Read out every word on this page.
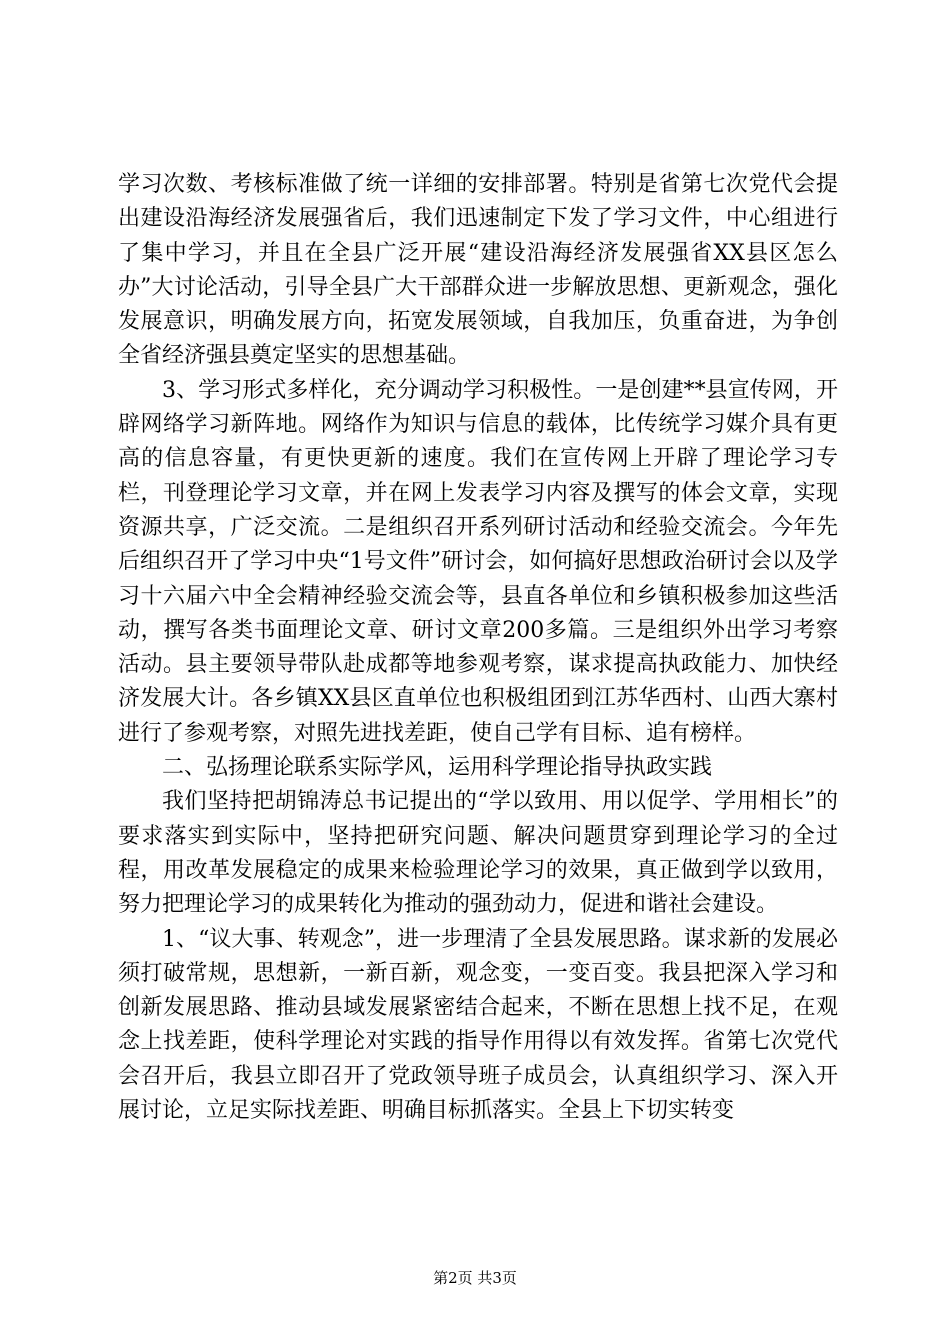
学习次数、考核标准做了统一详细的安排部署。特别是省第七次党代会提出建设沿海经济发展强省后，我们迅速制定下发了学习文件，中心组进行了集中学习，并且在全县广泛开展“建设沿海经济发展强省XX县区怎么办”大讨论活动，引导全县广大干部群众进一步解放思想、更新观念，强化发展意识，明确发展方向，拓宽发展领域，自我加压，负重奋进，为争创全省经济强县奠定坚实的思想基础。

3、学习形式多样化，充分调动学习积极性。一是创建**县宣传网，开辟网络学习新阵地。网络作为知识与信息的载体，比传统学习媒介具有更高的信息容量，有更快更新的速度。我们在宣传网上开辟了理论学习专栏，刊登理论学习文章，并在网上发表学习内容及撰写的体会文章，实现资源共享，广泛交流。二是组织召开系列研讨活动和经验交流会。今年先后组织召开了学习中央“1号文件”研讨会，如何搞好思想政治研讨会以及学习十六届六中全会精神经验交流会等，县直各单位和乡镇积极参加这些活动，撰写各类书面理论文章、研讨文章200多篇。三是组织外出学习考察活动。县主要领导带队赴成都等地参观考察，谋求提高执政能力、加快经济发展大计。各乡镇XX县区直单位也积极组团到江苏华西村、山西大寨村进行了参观考察，对照先进找差距，使自己学有目标、追有榜样。

二、弘扬理论联系实际学风，运用科学理论指导执政实践

我们坚持把胡锦涛总书记提出的“学以致用、用以促学、学用相长”的要求落实到实际中，坚持把研究问题、解决问题贯穿到理论学习的全过程，用改革发展稳定的成果来检验理论学习的效果，真正做到学以致用，努力把理论学习的成果转化为推动的强劲动力，促进和谐社会建设。

1、“议大事、转观念”，进一步理清了全县发展思路。谋求新的发展必须打破常规，思想新，一新百新，观念变，一变百变。我县把深入学习和创新发展思路、推动县域发展紧密结合起来，不断在思想上找不足，在观念上找差距，使科学理论对实践的指导作用得以有效发挥。省第七次党代会召开后，我县立即召开了党政领导班子成员会，认真组织学习、深入开展讨论，立足实际找差距、明确目标抓落实。全县上下切实转变

第2页 共3页
